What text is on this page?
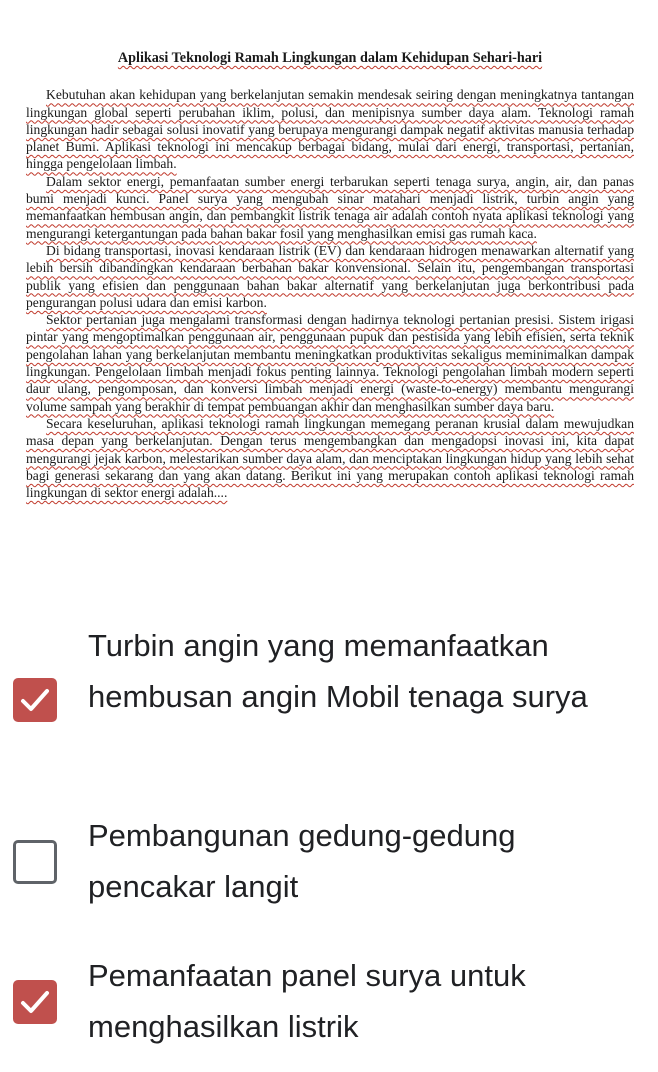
Aplikasi Teknologi Ramah Lingkungan dalam Kehidupan Sehari-hari

Kebutuhan akan kehidupan yang berkelanjutan semakin mendesak seiring dengan meningkatnya tantangan lingkungan global seperti perubahan iklim, polusi, dan menipisnya sumber daya alam. Teknologi ramah lingkungan hadir sebagai solusi inovatif yang berupaya mengurangi dampak negatif aktivitas manusia terhadap planet Bumi. Aplikasi teknologi ini mencakup berbagai bidang, mulai dari energi, transportasi, pertanian, hingga pengelolaan limbah.

Dalam sektor energi, pemanfaatan sumber energi terbarukan seperti tenaga surya, angin, air, dan panas bumi menjadi kunci. Panel surya yang mengubah sinar matahari menjadi listrik, turbin angin yang memanfaatkan hembusan angin, dan pembangkit listrik tenaga air adalah contoh nyata aplikasi teknologi yang mengurangi ketergantungan pada bahan bakar fosil yang menghasilkan emisi gas rumah kaca.

Di bidang transportasi, inovasi kendaraan listrik (EV) dan kendaraan hidrogen menawarkan alternatif yang lebih bersih dibandingkan kendaraan berbahan bakar konvensional. Selain itu, pengembangan transportasi publik yang efisien dan penggunaan bahan bakar alternatif yang berkelanjutan juga berkontribusi pada pengurangan polusi udara dan emisi karbon.

Sektor pertanian juga mengalami transformasi dengan hadirnya teknologi pertanian presisi. Sistem irigasi pintar yang mengoptimalkan penggunaan air, penggunaan pupuk dan pestisida yang lebih efisien, serta teknik pengolahan lahan yang berkelanjutan membantu meningkatkan produktivitas sekaligus meminimalkan dampak lingkungan. Pengelolaan limbah menjadi fokus penting lainnya. Teknologi pengolahan limbah modern seperti daur ulang, pengomposan, dan konversi limbah menjadi energi (waste-to-energy) membantu mengurangi volume sampah yang berakhir di tempat pembuangan akhir dan menghasilkan sumber daya baru.

Secara keseluruhan, aplikasi teknologi ramah lingkungan memegang peranan krusial dalam mewujudkan masa depan yang berkelanjutan. Dengan terus mengembangkan dan mengadopsi inovasi ini, kita dapat mengurangi jejak karbon, melestarikan sumber daya alam, dan menciptakan lingkungan hidup yang lebih sehat bagi generasi sekarang dan yang akan datang. Berikut ini yang merupakan contoh aplikasi teknologi ramah lingkungan di sektor energi adalah....

Turbin angin yang memanfaatkan hembusan angin Mobil tenaga surya
Pembangunan gedung-gedung pencakar langit
Pemanfaatan panel surya untuk menghasilkan listrik
